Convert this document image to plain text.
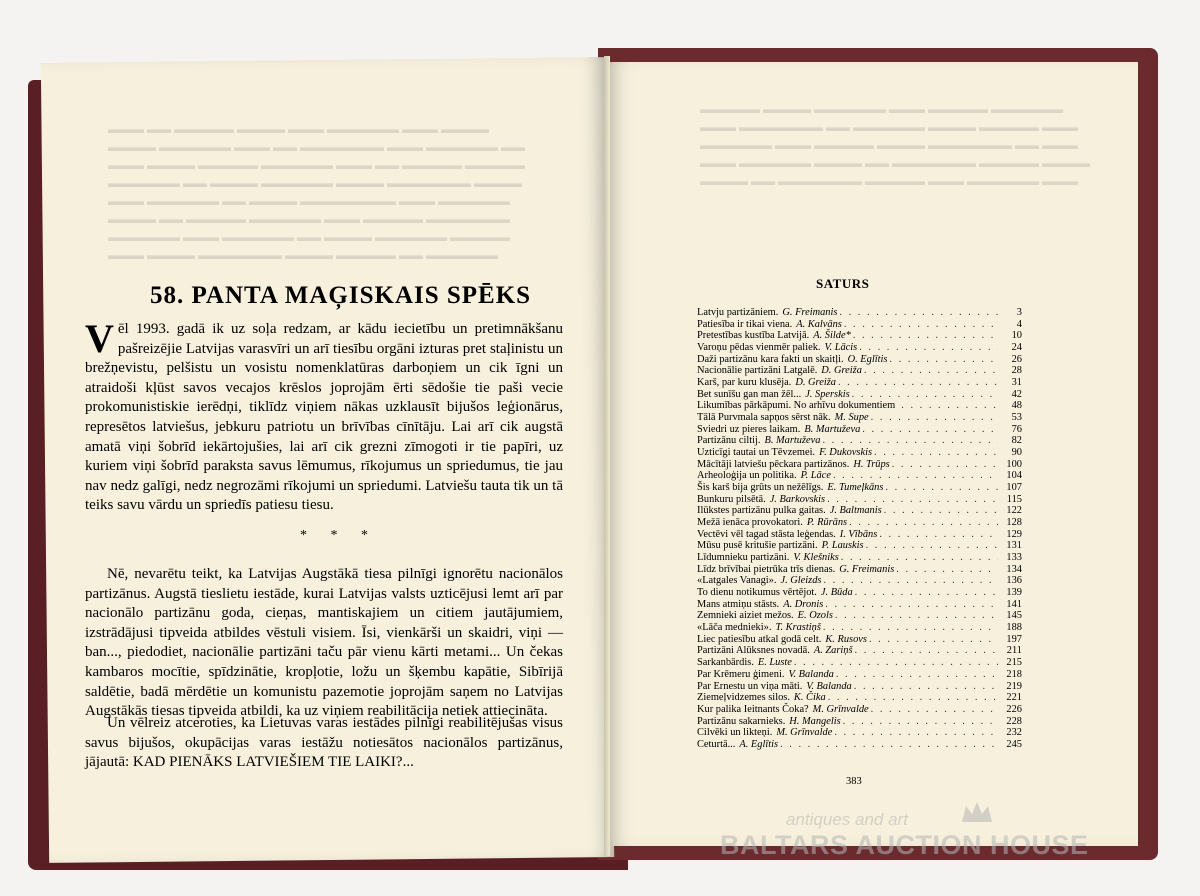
▬▬▬ ▬▬ ▬▬▬▬▬ ▬▬▬▬ ▬▬▬ ▬▬▬▬▬▬ ▬▬▬ ▬▬▬▬
▬▬▬▬ ▬▬▬▬▬▬ ▬▬▬ ▬▬ ▬▬▬▬▬▬▬ ▬▬▬ ▬▬▬▬▬▬ ▬▬
▬▬▬ ▬▬▬▬ ▬▬▬▬▬ ▬▬▬▬▬▬ ▬▬▬ ▬▬ ▬▬▬▬▬ ▬▬▬▬▬
▬▬▬▬▬▬ ▬▬ ▬▬▬▬ ▬▬▬▬▬▬ ▬▬▬▬ ▬▬▬▬▬▬▬ ▬▬▬▬
▬▬▬ ▬▬▬▬▬▬ ▬▬ ▬▬▬▬ ▬▬▬▬▬▬▬▬ ▬▬▬ ▬▬▬▬▬▬
▬▬▬▬ ▬▬ ▬▬▬▬▬ ▬▬▬▬▬▬ ▬▬▬ ▬▬▬▬▬ ▬▬▬▬▬▬▬
▬▬▬▬▬▬ ▬▬▬ ▬▬▬▬▬▬ ▬▬ ▬▬▬▬ ▬▬▬▬▬▬ ▬▬▬▬▬
▬▬▬ ▬▬▬▬ ▬▬▬▬▬▬▬ ▬▬▬▬ ▬▬▬▬▬ ▬▬ ▬▬▬▬▬▬
▬▬▬▬▬ ▬▬▬▬ ▬▬▬▬▬▬ ▬▬▬ ▬▬▬▬▬ ▬▬▬▬▬▬
▬▬▬ ▬▬▬▬▬▬▬ ▬▬ ▬▬▬▬▬▬ ▬▬▬▬ ▬▬▬▬▬ ▬▬▬
▬▬▬▬▬▬ ▬▬▬ ▬▬▬▬▬ ▬▬▬▬ ▬▬▬▬▬▬▬ ▬▬ ▬▬▬
▬▬▬ ▬▬▬▬▬▬ ▬▬▬▬ ▬▬ ▬▬▬▬▬▬▬ ▬▬▬▬▬ ▬▬▬▬
▬▬▬▬ ▬▬ ▬▬▬▬▬▬▬ ▬▬▬▬▬ ▬▬▬ ▬▬▬▬▬▬ ▬▬▬
58. PANTA MAĢISKAIS SPĒKS

Vēl 1993. gadā ik uz soļa redzam, ar kādu iecietību un pretimnākšanu pašreizējie Latvijas varasvīri un arī tiesību orgāni izturas pret staļinistu un brežņevistu, pelšistu un vosistu nomenklatūras darboņiem un cik īgni un atraidoši kļūst savos vecajos krēslos joprojām ērti sēdošie tie paši vecie prokomunistiskie ierēdņi, tiklīdz viņiem nākas uzklausīt bijušos leģionārus, represētos latviešus, jebkuru patriotu un brīvības cīnītāju. Lai arī cik augstā amatā viņi šobrīd iekārtojušies, lai arī cik grezni zīmogoti ir tie papīri, uz kuriem viņi šobrīd paraksta savus lēmumus, rīkojumus un spriedumus, tie jau nav nedz galīgi, nedz negrozāmi rīkojumi un spriedumi. Latviešu tauta tik un tā teiks savu vārdu un spriedīs patiesu tiesu.

* * *

Nē, nevarētu teikt, ka Latvijas Augstākā tiesa pilnīgi ignorētu nacionālos partizānus. Augstā tieslietu iestāde, kurai Latvijas valsts uzticējusi lemt arī par nacionālo partizānu goda, cieņas, mantiskajiem un citiem jautājumiem, izstrādājusi tipveida atbildes vēstuli visiem. Īsi, vienkārši un skaidri, viņi — ban..., piedodiet, nacionālie partizāni taču pār vienu kārti metami... Un čekas kambaros mocītie, spīdzinātie, kropļotie, ložu un šķembu kapātie, Sibīrijā saldētie, badā mērdētie un komunistu pazemotie joprojām saņem no Latvijas Augstākās tiesas tipveida atbildi, ka uz viņiem reabilitācija netiek attiecināta.

Un vēlreiz atceroties, ka Lietuvas varas iestādes pilnīgi reabilitējušas visus savus bijušos, okupācijas varas iestāžu notiesātos nacionālos partizānus, jājautā: KAD PIENĀKS LATVIEŠIEM TIE LAIKI?...

SATURS
Latvju partizāniem. G. Freimanis . . .	3
Patiesība ir tikai viena. A. Kalvāns . . .	4
Pretestības kustība Latvijā. A. Šilde* . . .	10
Varoņu pēdas vienmēr paliek. V. Lācis . . .	24
Daži partizānu kara fakti un skaitļi. O. Eglītis . . .	26
Nacionālie partizāni Latgalē. D. Greiža . . .	28
Karš, par kuru klusēja. D. Greiža . . .	31
Bet sunīšu gan man žēl... J. Sperskis . . .	42
Likumības pārkāpumi. No arhīvu dokumentiem . . .	48
Tālā Purvmala sapņos sērst nāk. M. Supe . . .	53
Sviedri uz pieres laikam. B. Martuževa . . .	76
Partizānu ciltij. B. Martuževa . . .	82
Uzticīgi tautai un Tēvzemei. F. Dukovskis . . .	90
Mācītāji latviešu pēckara partizānos. H. Trūps . . .	100
Arheoloģija un politika. P. Lāce . . .	104
Šis karš bija grūts un nežēlīgs. E. Tumeļkāns . . .	107
Bunkuru pilsētā. J. Barkovskis . . .	115
Ilūkstes partizānu pulka gaitas. J. Baltmanis . . .	122
Mežā ienāca provokatori. P. Rūrāns . . .	128
Vectēvi vēl tagad stāsta leģendas. I. Vībāns . . .	129
Mūsu pusē kritušie partizāni. P. Lauskis . . .	131
Līdumnieku partizāni. V. Klešniks . . .	133
Līdz brīvībai pietrūka trīs dienas. G. Freimanis . . .	134
«Latgales Vanagi». J. Gleizds . . .	136
To dienu notikumus vērtējot. J. Būda . . .	139
Mans atmiņu stāsts. A. Dronis . . .	141
Zemnieki aiziet mežos. E. Ozols . . .	145
«Lāča mednieki». T. Krastiņš . . .	188
Liec patiesību atkal godā celt. K. Rusovs . . .	197
Partizāni Alūksnes novadā. A. Zariņš . . .	211
Sarkanbārdis. E. Luste . . .	215
Par Krēmeru ģimeni. V. Balanda . . .	218
Par Ernestu un viņa māti. V. Balanda . . .	219
Ziemeļvidzemes silos. K. Čika . . .	221
Kur palika Ieitnants Čoka? M. Grīnvalde . . .	226
Partizānu sakarnieks. H. Mangelis . . .	228
Cilvēki un likteņi. M. Grīnvalde . . .	232
Ceturtā... A. Eglītis . . .	245
383
antiques and art
BALTARS AUCTION HOUSE
